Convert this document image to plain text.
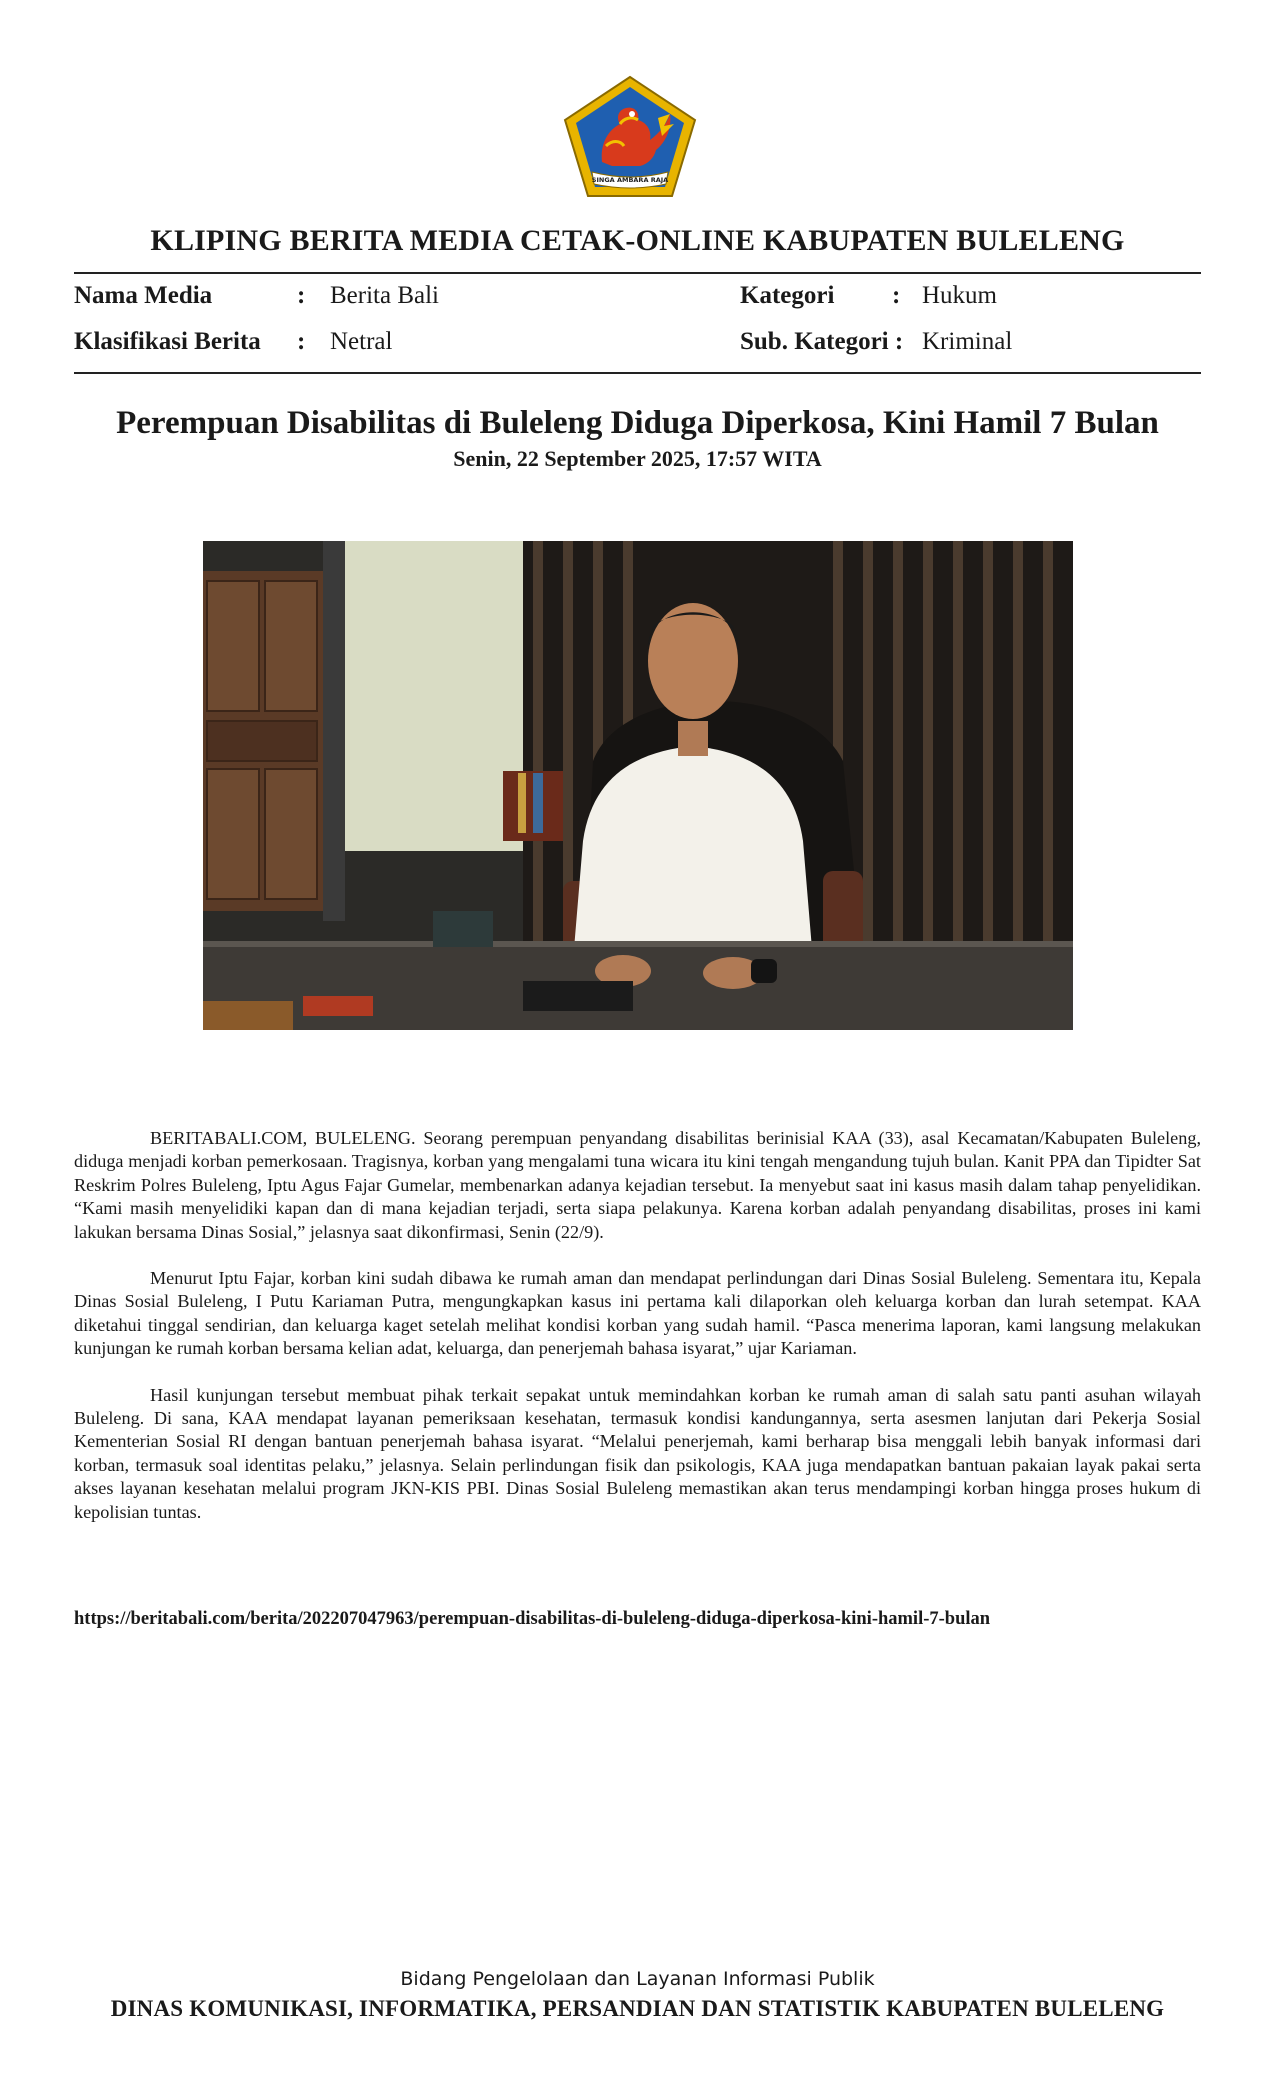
SINGA AMBARA RAJA
KLIPING BERITA MEDIA CETAK-ONLINE KABUPATEN BULELENG
Nama Media	: Berita Bali
Klasifikasi Berita : Netral
Kategori : Hukum
Sub. Kategori : Kriminal
Perempuan Disabilitas di Buleleng Diduga Diperkosa, Kini Hamil 7 Bulan
Senin, 22 September 2025, 17:57 WITA

BERITABALI.COM, BULELENG. Seorang perempuan penyandang disabilitas berinisial KAA (33), asal Kecamatan/Kabupaten Buleleng, diduga menjadi korban pemerkosaan. Tragisnya, korban yang mengalami tuna wicara itu kini tengah mengandung tujuh bulan. Kanit PPA dan Tipidter Sat Reskrim Polres Buleleng, Iptu Agus Fajar Gumelar, membenarkan adanya kejadian tersebut. Ia menyebut saat ini kasus masih dalam tahap penyelidikan. “Kami masih menyelidiki kapan dan di mana kejadian terjadi, serta siapa pelakunya. Karena korban adalah penyandang disabilitas, proses ini kami lakukan bersama Dinas Sosial,” jelasnya saat dikonfirmasi, Senin (22/9).

Menurut Iptu Fajar, korban kini sudah dibawa ke rumah aman dan mendapat perlindungan dari Dinas Sosial Buleleng. Sementara itu, Kepala Dinas Sosial Buleleng, I Putu Kariaman Putra, mengungkapkan kasus ini pertama kali dilaporkan oleh keluarga korban dan lurah setempat. KAA diketahui tinggal sendirian, dan keluarga kaget setelah melihat kondisi korban yang sudah hamil. “Pasca menerima laporan, kami langsung melakukan kunjungan ke rumah korban bersama kelian adat, keluarga, dan penerjemah bahasa isyarat,” ujar Kariaman.

Hasil kunjungan tersebut membuat pihak terkait sepakat untuk memindahkan korban ke rumah aman di salah satu panti asuhan wilayah Buleleng. Di sana, KAA mendapat layanan pemeriksaan kesehatan, termasuk kondisi kandungannya, serta asesmen lanjutan dari Pekerja Sosial Kementerian Sosial RI dengan bantuan penerjemah bahasa isyarat. “Melalui penerjemah, kami berharap bisa menggali lebih banyak informasi dari korban, termasuk soal identitas pelaku,” jelasnya. Selain perlindungan fisik dan psikologis, KAA juga mendapatkan bantuan pakaian layak pakai serta akses layanan kesehatan melalui program JKN-KIS PBI. Dinas Sosial Buleleng memastikan akan terus mendampingi korban hingga proses hukum di kepolisian tuntas.

https://beritabali.com/berita/202207047963/perempuan-disabilitas-di-buleleng-diduga-diperkosa-kini-hamil-7-bulan
Bidang Pengelolaan dan Layanan Informasi Publik
DINAS KOMUNIKASI, INFORMATIKA, PERSANDIAN DAN STATISTIK KABUPATEN BULELENG
